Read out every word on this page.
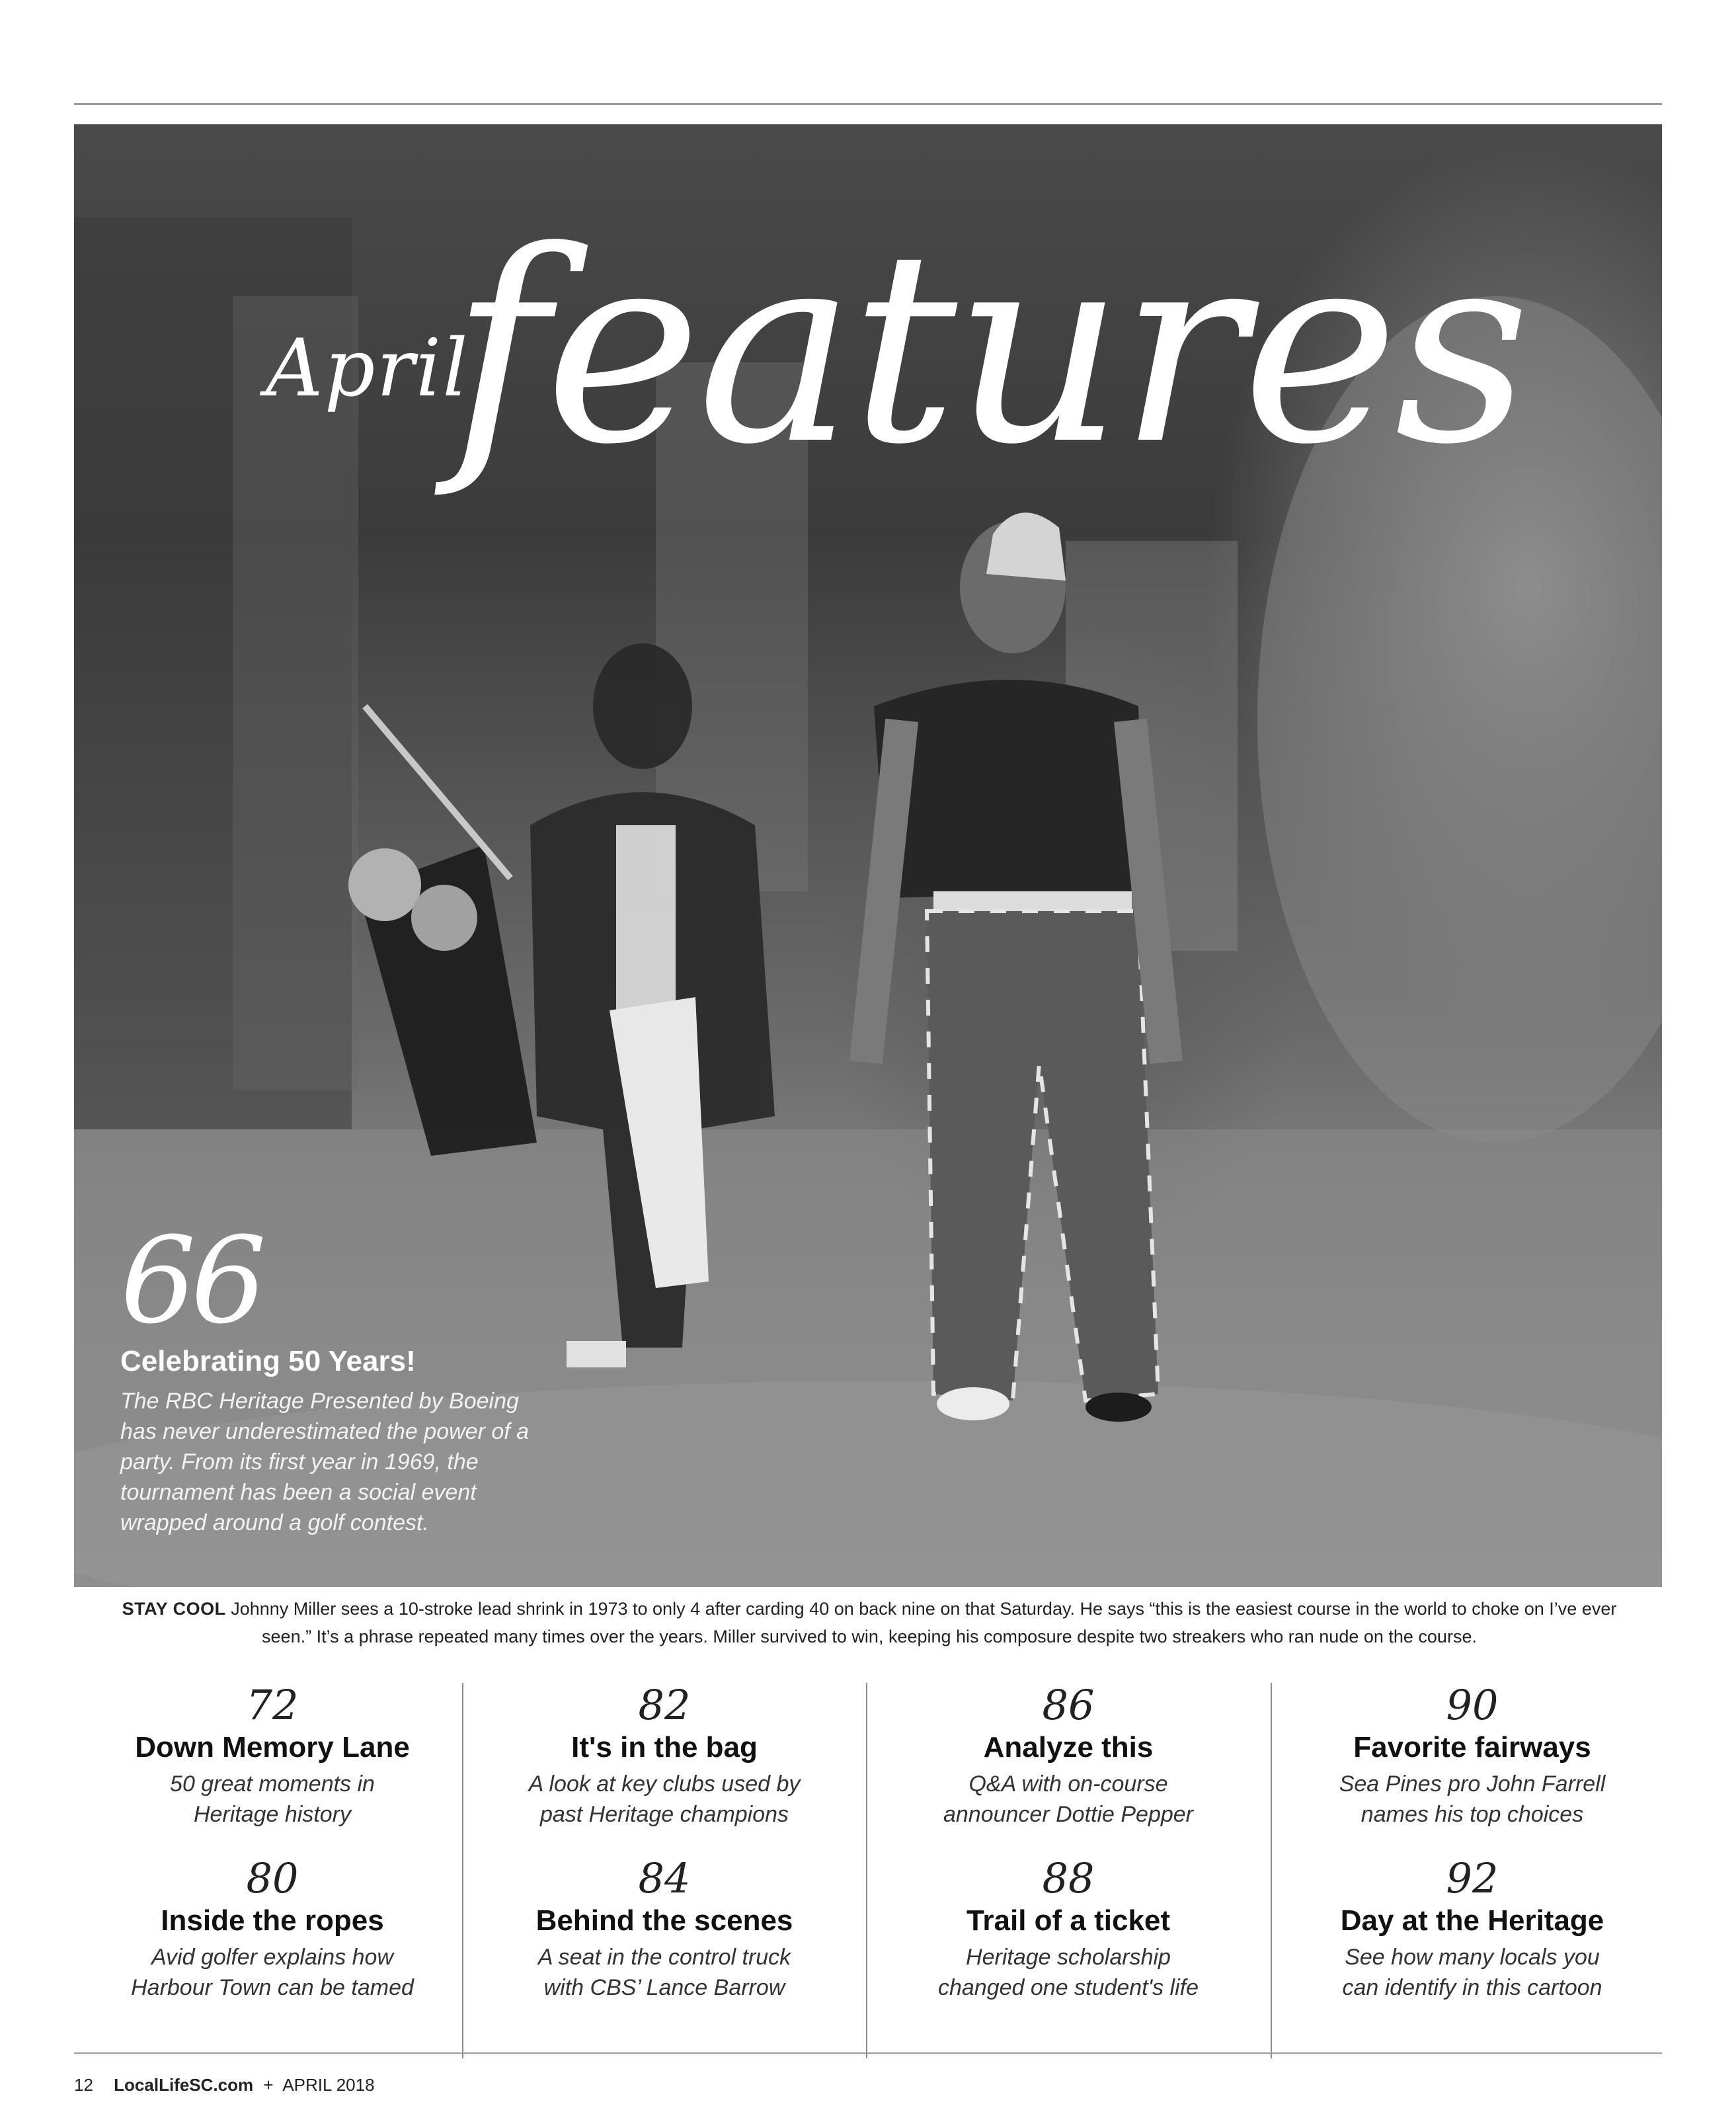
April
features
66
Celebrating 50 Years!
The RBC Heritage Presented by Boeing has never underestimated the power of a party. From its first year in 1969, the tournament has been a social event wrapped around a golf contest.
STAY COOL Johnny Miller sees a 10-stroke lead shrink in 1973 to only 4 after carding 40 on back nine on that Saturday. He says “this is the easiest course in the world to choke on I’ve ever seen.” It’s a phrase repeated many times over the years. Miller survived to win, keeping his composure despite two streakers who ran nude on the course.
72
Down Memory Lane
50 great moments in
Heritage history
80
Inside the ropes
Avid golfer explains how
Harbour Town can be tamed
82
It's in the bag
A look at key clubs used by
past Heritage champions
84
Behind the scenes
A seat in the control truck
with CBS’ Lance Barrow
86
Analyze this
Q&A with on-course
announcer Dottie Pepper
88
Trail of a ticket
Heritage scholarship
changed one student's life
90
Favorite fairways
Sea Pines pro John Farrell
names his top choices
92
Day at the Heritage
See how many locals you
can identify in this cartoon
12 LocalLifeSC.com + APRIL 2018
